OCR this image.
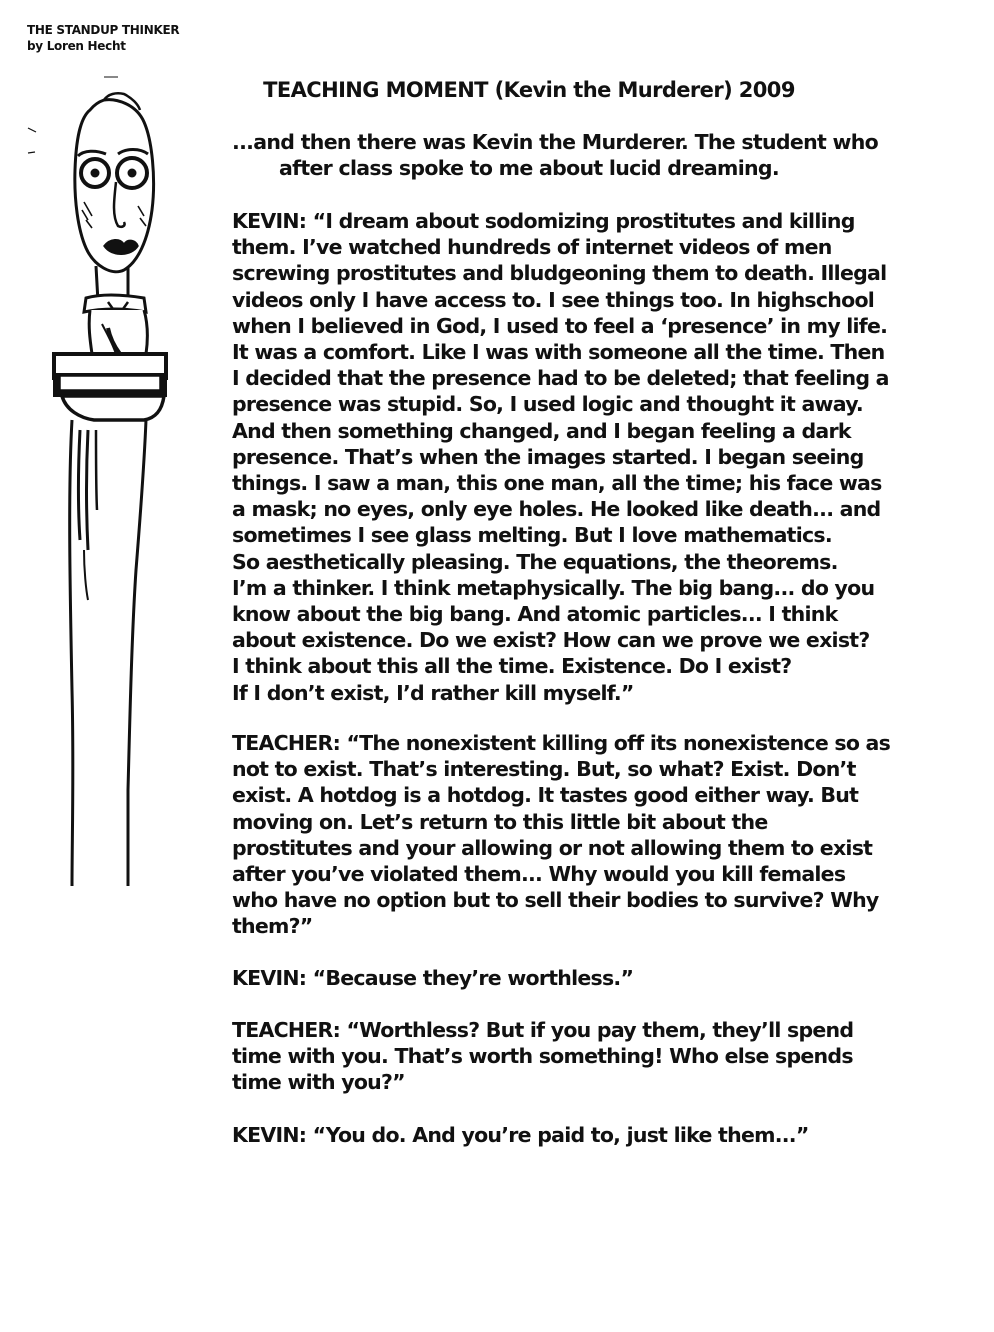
THE STANDUP THINKER
by Loren Hecht
TEACHING MOMENT (Kevin the Murderer) 2009
...and then there was Kevin the Murderer. The student who
after class spoke to me about lucid dreaming.
KEVIN: “I dream about sodomizing prostitutes and killing
them. I’ve watched hundreds of internet videos of men
screwing prostitutes and bludgeoning them to death. Illegal
videos only I have access to. I see things too. In highschool
when I believed in God, I used to feel a ‘presence’ in my life.
It was a comfort. Like I was with someone all the time. Then
I decided that the presence had to be deleted; that feeling a
presence was stupid. So, I used logic and thought it away.
And then something changed, and I began feeling a dark
presence. That’s when the images started. I began seeing
things. I saw a man, this one man, all the time; his face was
a mask; no eyes, only eye holes. He looked like death... and
sometimes I see glass melting. But I love mathematics.
So aesthetically pleasing. The equations, the theorems.
I’m a thinker. I think metaphysically. The big bang... do you
know about the big bang. And atomic particles... I think
about existence. Do we exist? How can we prove we exist?
I think about this all the time. Existence. Do I exist?
If I don’t exist, I’d rather kill myself.”
TEACHER: “The nonexistent killing off its nonexistence so as
not to exist. That’s interesting. But, so what? Exist. Don’t
exist. A hotdog is a hotdog. It tastes good either way. But
moving on. Let’s return to this little bit about the
prostitutes and your allowing or not allowing them to exist
after you’ve violated them... Why would you kill females
who have no option but to sell their bodies to survive? Why
them?”
KEVIN: “Because they’re worthless.”
TEACHER: “Worthless? But if you pay them, they’ll spend
time with you. That’s worth something! Who else spends
time with you?”
KEVIN: “You do. And you’re paid to, just like them...”
